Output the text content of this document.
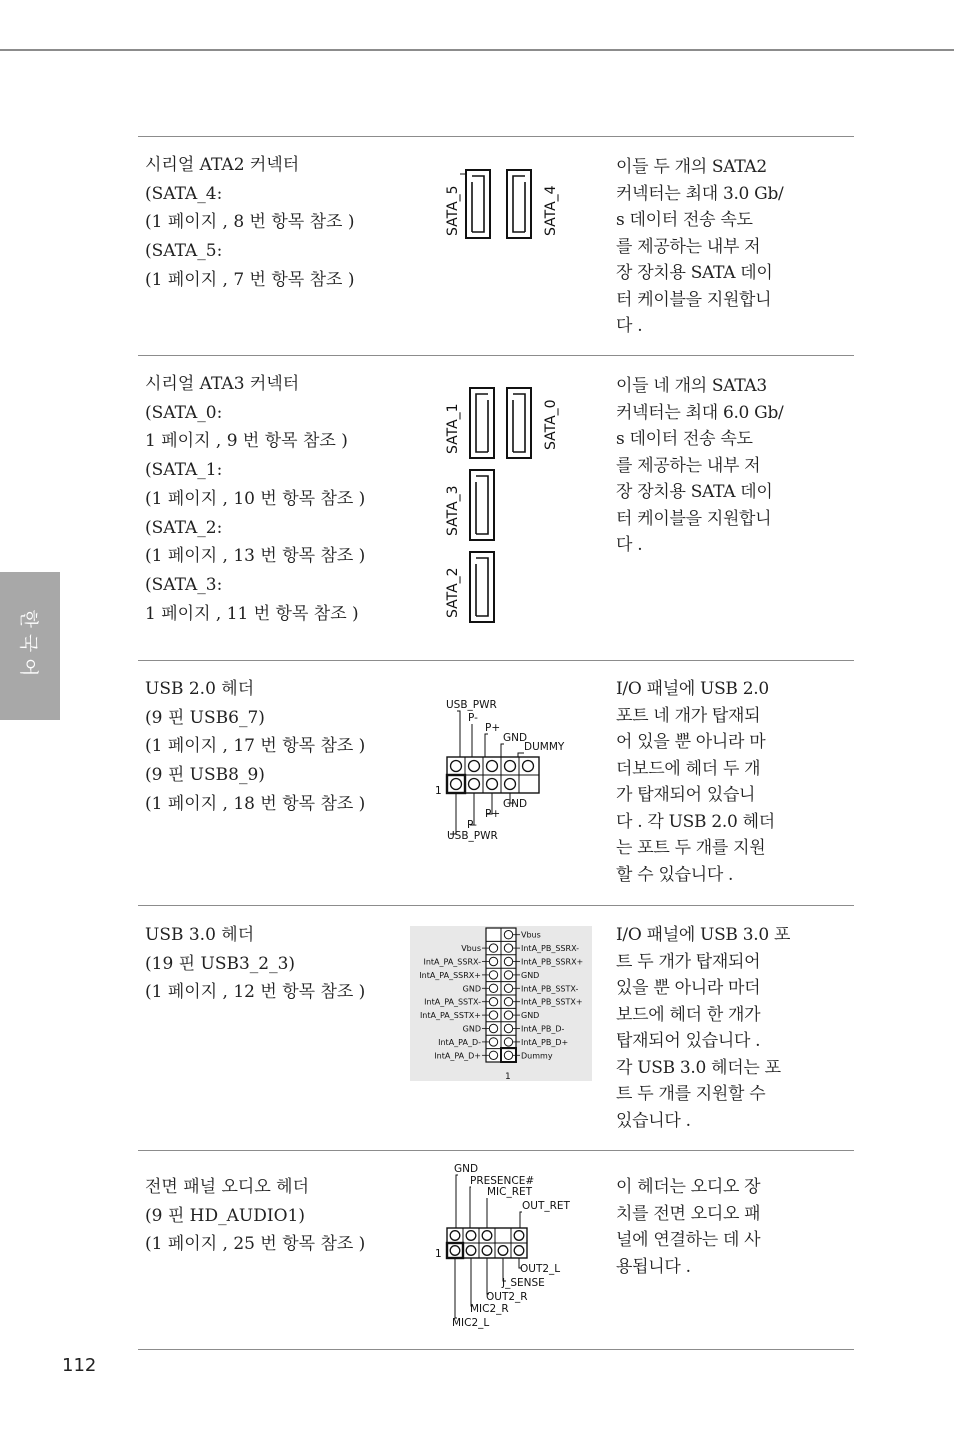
한국어
시리얼 ATA2 커넥터
(SATA_4:
(1 페이지 , 8 번 항목 참조 )
(SATA_5:
(1 페이지 , 7 번 항목 참조 )
SATA_5	SATA_4
이들 두 개의 SATA2
커넥터는 최대 3.0 Gb/
s 데이터 전송 속도
를 제공하는 내부 저
장 장치용 SATA 데이
터 케이블을 지원합니
다 .
시리얼 ATA3 커넥터
(SATA_0:
1 페이지 , 9 번 항목 참조 )
(SATA_1:
(1 페이지 , 10 번 항목 참조 )
(SATA_2:
(1 페이지 , 13 번 항목 참조 )
(SATA_3:
1 페이지 , 11 번 항목 참조 )
SATA_1	SATA_0
SATA_3
SATA_2
이들 네 개의 SATA3
커넥터는 최대 6.0 Gb/
s 데이터 전송 속도
를 제공하는 내부 저
장 장치용 SATA 데이
터 케이블을 지원합니
다 .
USB 2.0 헤더
(9 핀 USB6_7)
(1 페이지 , 17 번 항목 참조 )
(9 핀 USB8_9)
(1 페이지 , 18 번 항목 참조 )
USB_PWR
P-
P+
GND
DUMMY
1
GND
P+
P-
USB_PWR
I/O 패널에 USB 2.0
포트 네 개가 탑재되
어 있을 뿐 아니라 마
더보드에 헤더 두 개
가 탑재되어 있습니
다 . 각 USB 2.0 헤더
는 포트 두 개를 지원
할 수 있습니다 .
USB 3.0 헤더
(19 핀 USB3_2_3)
(1 페이지 , 12 번 항목 참조 )
Vbus
IntA_PB_SSRX-
IntA_PB_SSRX+
GND
IntA_PB_SSTX-
IntA_PB_SSTX+
GND
IntA_PB_D-
IntA_PB_D+
Dummy
Vbus
IntA_PA_SSRX-
IntA_PA_SSRX+
GND
IntA_PA_SSTX-
IntA_PA_SSTX+
GND
IntA_PA_D-
IntA_PA_D+
1
I/O 패널에 USB 3.0 포
트 두 개가 탑재되어
있을 뿐 아니라 마더
보드에 헤더 한 개가
탑재되어 있습니다 .
각 USB 3.0 헤더는 포
트 두 개를 지원할 수
있습니다 .
전면 패널 오디오 헤더
(9 핀 HD_AUDIO1)
(1 페이지 , 25 번 항목 참조 )
GND
PRESENCE#
MIC_RET
OUT_RET
1
OUT2_L
J_SENSE
OUT2_R
MIC2_R
MIC2_L
이 헤더는 오디오 장
치를 전면 오디오 패
널에 연결하는 데 사
용됩니다 .
112
